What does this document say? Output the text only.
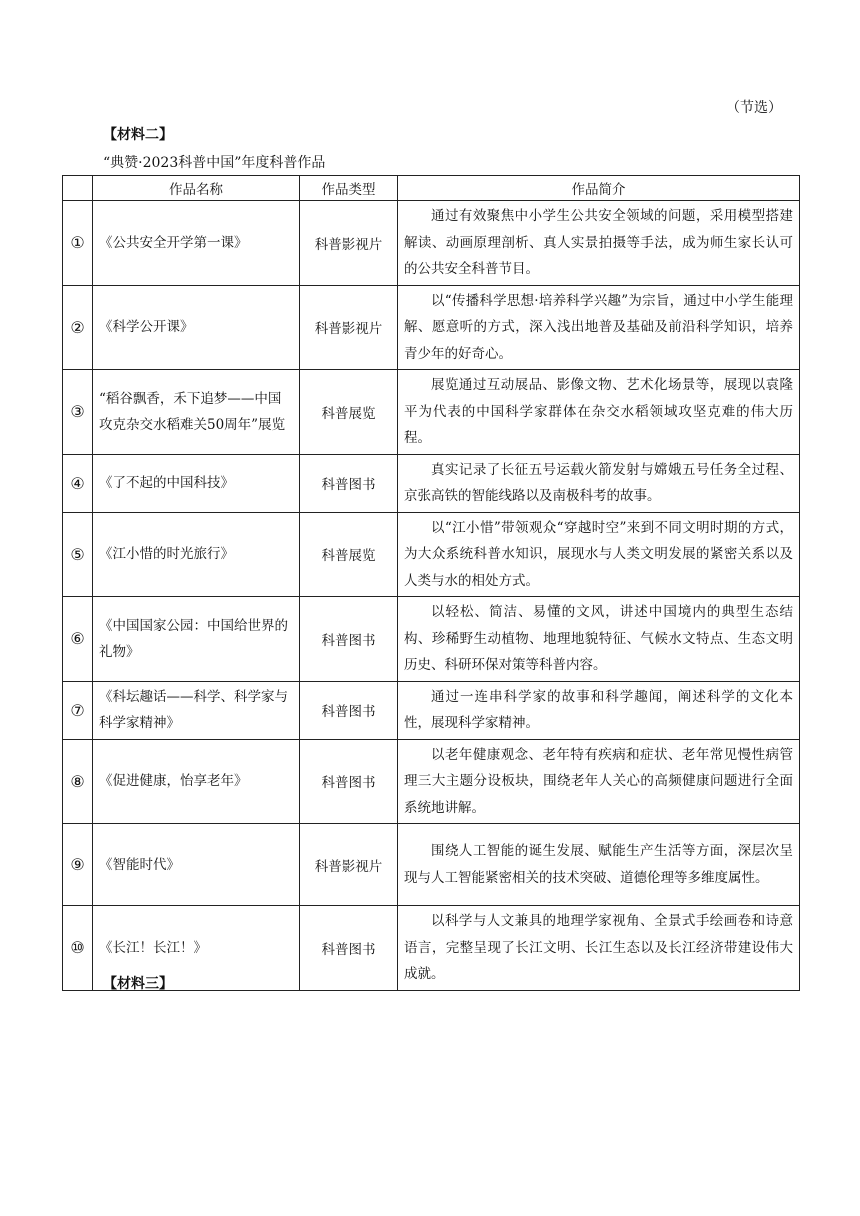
（节选）
【材料二】
“典赞·2023科普中国”年度科普作品
	作品名称	作品类型	作品简介
①	《公共安全开学第一课》	科普影视片	通过有效聚焦中小学生公共安全领域的问题，采用模型搭建解读、动画原理剖析、真人实景拍摄等手法，成为师生家长认可的公共安全科普节目。
②	《科学公开课》	科普影视片	以“传播科学思想·培养科学兴趣”为宗旨，通过中小学生能理解、愿意听的方式，深入浅出地普及基础及前沿科学知识，培养青少年的好奇心。
③	“稻谷飘香，禾下追梦——中国攻克杂交水稻难关50周年”展览	科普展览	展览通过互动展品、影像文物、艺术化场景等，展现以袁隆平为代表的中国科学家群体在杂交水稻领域攻坚克难的伟大历程。
④	《了不起的中国科技》	科普图书	真实记录了长征五号运载火箭发射与嫦娥五号任务全过程、京张高铁的智能线路以及南极科考的故事。
⑤	《江小惜的时光旅行》	科普展览	以“江小惜”带领观众“穿越时空”来到不同文明时期的方式，为大众系统科普水知识，展现水与人类文明发展的紧密关系以及人类与水的相处方式。
⑥	《中国国家公园：中国给世界的礼物》	科普图书	以轻松、简洁、易懂的文风，讲述中国境内的典型生态结构、珍稀野生动植物、地理地貌特征、气候水文特点、生态文明历史、科研环保对策等科普内容。
⑦	《科坛趣话——科学、科学家与科学家精神》	科普图书	通过一连串科学家的故事和科学趣闻，阐述科学的文化本性，展现科学家精神。
⑧	《促进健康，怡享老年》	科普图书	以老年健康观念、老年特有疾病和症状、老年常见慢性病管理三大主题分设板块，围绕老年人关心的高频健康问题进行全面系统地讲解。
⑨	《智能时代》	科普影视片	围绕人工智能的诞生发展、赋能生产生活等方面，深层次呈现与人工智能紧密相关的技术突破、道德伦理等多维度属性。
⑩	《长江！长江！》	科普图书	以科学与人文兼具的地理学家视角、全景式手绘画卷和诗意语言，完整呈现了长江文明、长江生态以及长江经济带建设伟大成就。
【材料三】
